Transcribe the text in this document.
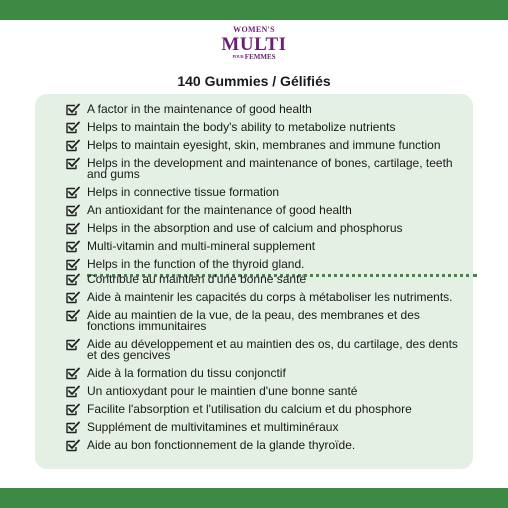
WOMEN'S
MULTI
POURFEMMES
140 Gummies / Gélifiés
A factor in the maintenance of good health
Helps to maintain the body's ability to metabolize nutrients
Helps to maintain eyesight, skin, membranes and immune function
Helps in the development and maintenance of bones, cartilage, teeth and gums
Helps in connective tissue formation
An antioxidant for the maintenance of good health
Helps in the absorption and use of calcium and phosphorus
Multi-vitamin and multi-mineral supplement
Helps in the function of the thyroid gland.
Contribue au maintien d'une bonne santé
Aide à maintenir les capacités du corps à métaboliser les nutriments.
Aide au maintien de la vue, de la peau, des membranes et des fonctions immunitaires
Aide au développement et au maintien des os, du cartilage, des dents et des gencives
Aide à la formation du tissu conjonctif
Un antioxydant pour le maintien d'une bonne santé
Facilite l'absorption et l'utilisation du calcium et du phosphore
Supplément de multivitamines et multiminéraux
Aide au bon fonctionnement de la glande thyroïde.
